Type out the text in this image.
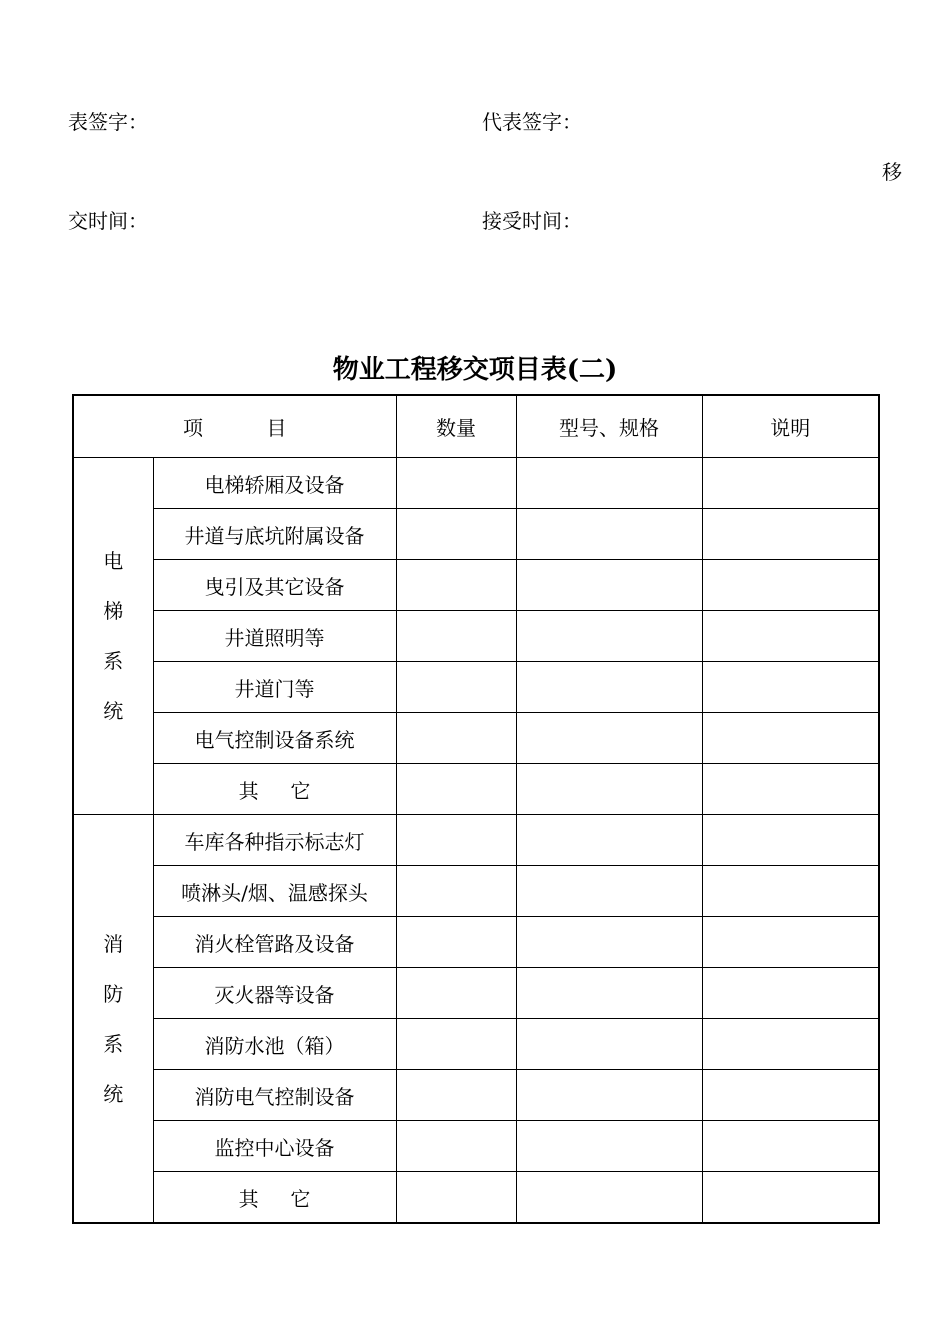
表签字：	代表签字：
移
交时间：	接受时间：
物业工程移交项目表(二)
项          目		数量	型号、规格	说明

电
梯
系
统	电梯轿厢及设备			
	井道与底坑附属设备			
	曳引及其它设备			
	井道照明等			
	井道门等			
	电气控制设备系统			
	其     它			

消
防
系
统	车库各种指示标志灯			
	喷淋头/烟、温感探头			
	消火栓管路及设备			
	灭火器等设备			
	消防水池（箱）			
	消防电气控制设备			
	监控中心设备			
	其     它			
